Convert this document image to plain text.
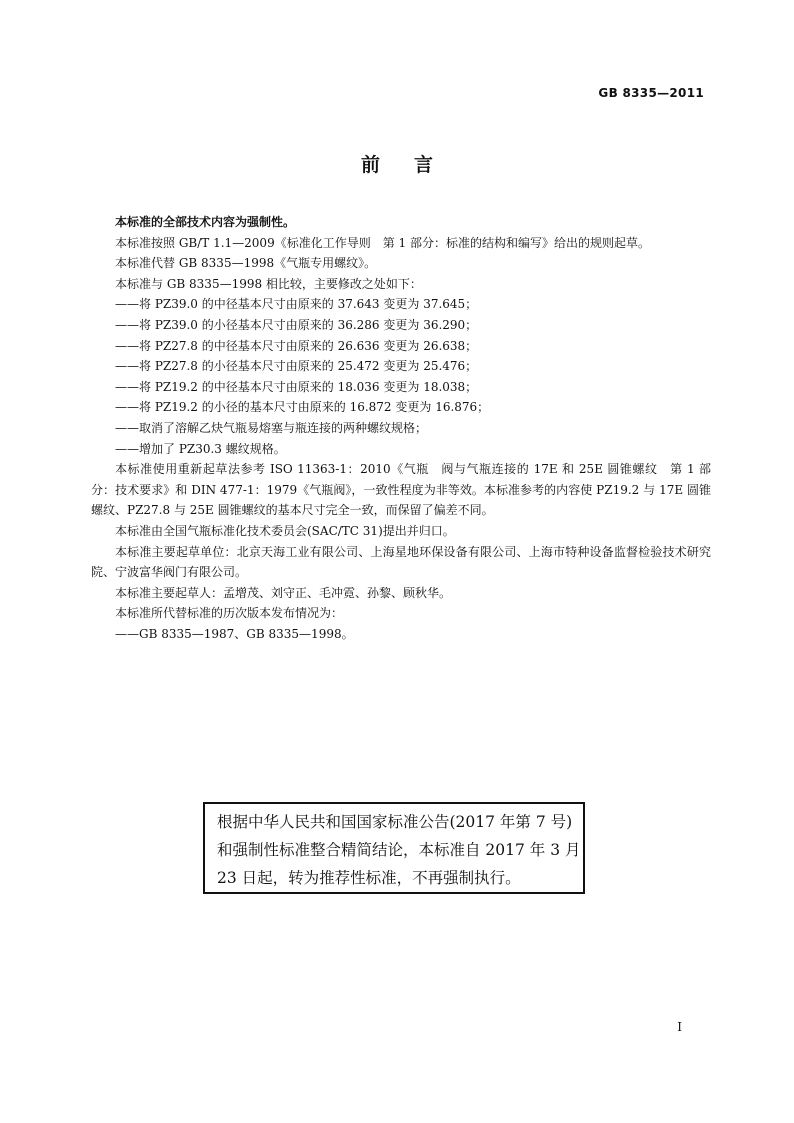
GB 8335—2011
前言

本标准的全部技术内容为强制性。

本标准按照 GB/T 1.1—2009《标准化工作导则　第 1 部分：标准的结构和编写》给出的规则起草。

本标准代替 GB 8335—1998《气瓶专用螺纹》。

本标准与 GB 8335—1998 相比较，主要修改之处如下：

——将 PZ39.0 的中径基本尺寸由原来的 37.643 变更为 37.645；

——将 PZ39.0 的小径基本尺寸由原来的 36.286 变更为 36.290；

——将 PZ27.8 的中径基本尺寸由原来的 26.636 变更为 26.638；

——将 PZ27.8 的小径基本尺寸由原来的 25.472 变更为 25.476；

——将 PZ19.2 的中径基本尺寸由原来的 18.036 变更为 18.038；

——将 PZ19.2 的小径的基本尺寸由原来的 16.872 变更为 16.876；

——取消了溶解乙炔气瓶易熔塞与瓶连接的两种螺纹规格；

——增加了 PZ30.3 螺纹规格。

本标准使用重新起草法参考 ISO 11363-1：2010《气瓶　阀与气瓶连接的 17E 和 25E 圆锥螺纹　第 1 部分：技术要求》和 DIN 477-1：1979《气瓶阀》，一致性程度为非等效。本标准参考的内容使 PZ19.2 与 17E 圆锥螺纹、PZ27.8 与 25E 圆锥螺纹的基本尺寸完全一致，而保留了偏差不同。

本标准由全国气瓶标准化技术委员会(SAC/TC 31)提出并归口。

本标准主要起草单位：北京天海工业有限公司、上海星地环保设备有限公司、上海市特种设备监督检验技术研究院、宁波富华阀门有限公司。

本标准主要起草人：孟增茂、刘守正、毛冲霓、孙黎、顾秋华。

本标准所代替标准的历次版本发布情况为：

——GB 8335—1987、GB 8335—1998。

根据中华人民共和国国家标准公告(2017 年第 7 号)和强制性标准整合精简结论，本标准自 2017 年 3 月 23 日起，转为推荐性标准，不再强制执行。
I
